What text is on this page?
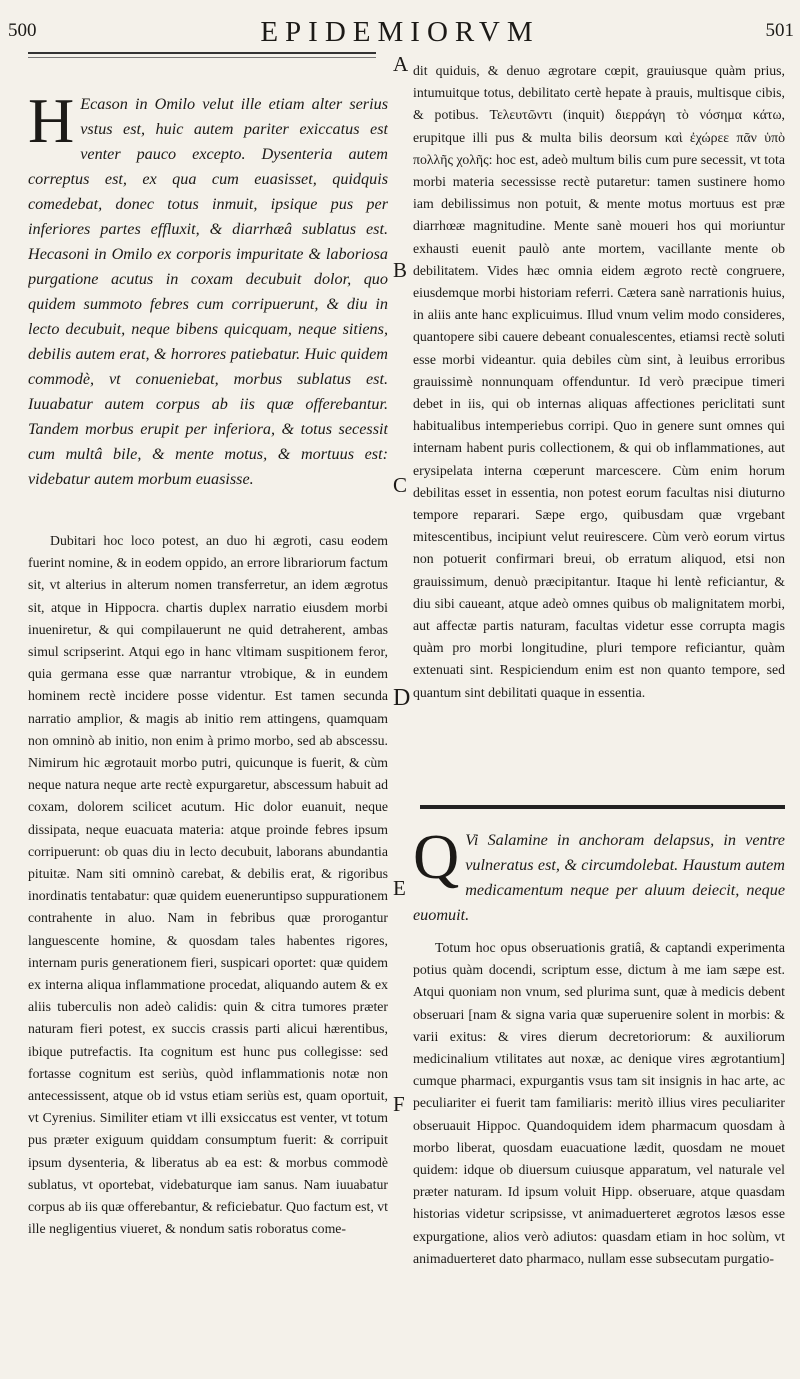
500	EPIDEMIORVM	501

H Ecason in Omilo velut ille etiam alter serius vstus est, huic autem pariter exiccatus est venter pauco excepto. Dysenteria autem correptus est, ex qua cum euasisset, quidquis comedebat, donec totus inmuit, ipsique pus per inferiores partes effluxit, & diarrhæâ sublatus est. Hecasoni in Omilo ex corporis impuritate & laboriosa purgatione acutus in coxam decubuit dolor, quo quidem summoto febres cum corripuerunt, & diu in lecto decubuit, neque bibens quicquam, neque sitiens, debilis autem erat, & horrores patiebatur. Huic quidem commodè, vt conueniebat, morbus sublatus est. Iuuabatur autem corpus ab iis quæ offerebantur. Tandem morbus erupit per inferiora, & totus secessit cum multâ bile, & mente motus, & mortuus est: videbatur autem morbum euasisse.

Dubitari hoc loco potest, an duo hi ægroti, casu eodem fuerint nomine, & in eodem oppido, an errore librariorum factum sit, vt alterius in alterum nomen transferretur, an idem ægrotus sit, atque in Hippocra. chartis duplex narratio eiusdem morbi inueniretur, & qui compilauerunt ne quid detraherent, ambas simul scripserint. Atqui ego in hanc vltimam suspitionem feror, quia germana esse quæ narrantur vtrobique, & in eundem hominem rectè incidere posse videntur. Est tamen secunda narratio amplior, & magis ab initio rem attingens, quamquam non omninò ab initio, non enim à primo morbo, sed ab abscessu. Nimirum hic ægrotauit morbo putri, quicunque is fuerit, & cùm neque natura neque arte rectè expurgaretur, abscessum habuit ad coxam, dolorem scilicet acutum. Hic dolor euanuit, neque dissipata, neque euacuata materia: atque proinde febres ipsum corripuerunt: ob quas diu in lecto decubuit, laborans abundantia pituitæ. Nam siti omninò carebat, & debilis erat, & rigoribus inordinatis tentabatur: quæ quidem eueneruntipso suppurationem contrahente in aluo. Nam in febribus quæ prorogantur languescente homine, & quosdam tales habentes rigores, internam puris generationem fieri, suspicari oportet: quæ quidem ex interna aliqua inflammatione procedat, aliquando autem & ex aliis tuberculis non adeò calidis: quin & citra tumores præter naturam fieri potest, ex succis crassis parti alicui hærentibus, ibique putrefactis. Ita cognitum est hunc pus collegisse: sed fortasse cognitum est seriùs, quòd inflammationis notæ non antecessissent, atque ob id vstus etiam seriùs est, quam oportuit, vt Cyrenius. Similiter etiam vt illi exsiccatus est venter, vt totum pus præter exiguum quiddam consumptum fuerit: & corripuit ipsum dysenteria, & liberatus ab ea est: & morbus commodè sublatus, vt oportebat, videbaturque iam sanus. Nam iuuabatur corpus ab iis quæ offerebantur, & reficiebatur. Quo factum est, vt ille negligentius viueret, & nondum satis roboratus come-

dit quiduis, & denuo ægrotare cœpit, grauiusque quàm prius, intumuitque totus, debilitato certè hepate à prauis, multisque cibis, & potibus. Τελευτῶντι (inquit) διερράγη τὸ νόσημα κάτω, erupitque illi pus & multa bilis deorsum καὶ ἐχώρεε πᾶν ὑπὸ πολλῆς χολῆς: hoc est, adeò multum bilis cum pure secessit, vt tota morbi materia secessisse rectè putaretur: tamen sustinere homo iam debilissimus non potuit, & mente motus mortuus est præ diarrhœæ magnitudine. Mente sanè moueri hos qui moriuntur exhausti euenit paulò ante mortem, vacillante mente ob debilitatem. Vides hæc omnia eidem ægroto rectè congruere, eiusdemque morbi historiam referri. Cætera sanè narrationis huius, in aliis ante hanc explicuimus. Illud vnum velim modo consideres, quantopere sibi cauere debeant conualescentes, etiamsi rectè soluti esse morbi videantur. quia debiles cùm sint, à leuibus erroribus grauissimè nonnunquam offenduntur. Id verò præcipue timeri debet in iis, qui ob internas aliquas affectiones periclitati sunt habitualibus intemperiebus corripi. Quo in genere sunt omnes qui internam habent puris collectionem, & qui ob inflammationes, aut erysipelata interna cœperunt marcescere. Cùm enim horum debilitas esset in essentia, non potest eorum facultas nisi diuturno tempore reparari. Sæpe ergo, quibusdam quæ vrgebant mitescentibus, incipiunt velut reuirescere. Cùm verò eorum virtus non potuerit confirmari breui, ob erratum aliquod, etsi non grauissimum, denuò præcipitantur. Itaque hi lentè reficiantur, & diu sibi caueant, atque adeò omnes quibus ob malignitatem morbi, aut affectæ partis naturam, facultas videtur esse corrupta magis quàm pro morbi longitudine, pluri tempore reficiantur, quàm extenuati sint. Respiciendum enim est non quanto tempore, sed quantum sint debilitati quaque in essentia.

Q Vi Salamine in anchoram delapsus, in ventre vulneratus est, & circumdolebat. Haustum autem medicamentum neque per aluum deiecit, neque euomuit.

Totum hoc opus obseruationis gratiâ, & captandi experimenta potius quàm docendi, scriptum esse, dictum à me iam sæpe est. Atqui quoniam non vnum, sed plurima sunt, quæ à medicis debent obseruari [nam & signa varia quæ superuenire solent in morbis: & varii exitus: & vires dierum decretoriorum: & auxiliorum medicinalium vtilitates aut noxæ, ac denique vires ægrotantium] cumque pharmaci, expurgantis vsus tam sit insignis in hac arte, ac peculiariter ei fuerit tam familiaris: meritò illius vires peculiariter obseruauit Hippoc. Quandoquidem idem pharmacum quosdam à morbo liberat, quosdam euacuatione lædit, quosdam ne mouet quidem: idque ob diuersum cuiusque apparatum, vel naturale vel præter naturam. Id ipsum voluit Hipp. obseruare, atque quasdam historias videtur scripsisse, vt animaduerteret ægrotos læsos esse expurgatione, alios verò adiutos: quasdam etiam in hoc solùm, vt animaduerteret dato pharmaco, nullam esse subsecutam purgatio-

A
B
C
D
E
F
